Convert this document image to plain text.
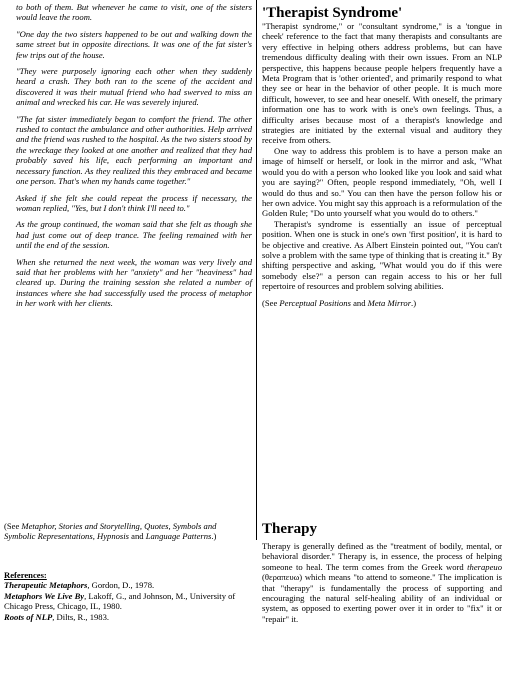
to both of them. But whenever he came to visit, one of the sisters would leave the room.

"One day the two sisters happened to be out and walking down the same street but in opposite directions. It was one of the fat sister's few trips out of the house.

"They were purposely ignoring each other when they suddenly heard a crash. They both ran to the scene of the accident and discovered it was their mutual friend who had swerved to miss an animal and wrecked his car. He was severely injured.

"The fat sister immediately began to comfort the friend. The other rushed to contact the ambulance and other authorities. Help arrived and the friend was rushed to the hospital. As the two sisters stood by the wreckage they looked at one another and realized that they had probably saved his life, each performing an important and necessary function. As they realized this they embraced and became one person. That's when my hands came together."

Asked if she felt she could repeat the process if necessary, the woman replied, "Yes, but I don't think I'll need to."

As the group continued, the woman said that she felt as though she had just come out of deep trance. The feeling remained with her until the end of the session.

When she returned the next week, the woman was very lively and said that her problems with her "anxiety" and her "heaviness" had cleared up. During the training session she related a number of instances where she had successfully used the process of metaphor in her work with her clients.

(See Metaphor, Stories and Storytelling, Quotes, Symbols and Symbolic Representations, Hypnosis and Language Patterns.)
References:
Therapeutic Metaphors, Gordon, D., 1978.
Metaphors We Live By, Lakoff, G., and Johnson, M., University of Chicago Press, Chicago, IL, 1980.
Roots of NLP, Dilts, R., 1983.
'Therapist Syndrome'

"Therapist syndrome," or "consultant syndrome," is a 'tongue in cheek' reference to the fact that many therapists and consultants are very effective in helping others address problems, but can have tremendous difficulty dealing with their own issues. From an NLP perspective, this happens because people helpers frequently have a Meta Program that is 'other oriented', and primarily respond to what they see or hear in the behavior of other people. It is much more difficult, however, to see and hear oneself. With oneself, the primary information one has to work with is one's own feelings. Thus, a difficulty arises because most of a therapist's knowledge and strategies are initiated by the external visual and auditory they receive from others.

One way to address this problem is to have a person make an image of himself or herself, or look in the mirror and ask, "What would you do with a person who looked like you look and said what you are saying?" Often, people respond immediately, "Oh, well I would do thus and so." You can then have the person follow his or her own advice. You might say this approach is a reformulation of the Golden Rule; "Do unto yourself what you would do to others."

Therapist's syndrome is essentially an issue of perceptual position. When one is stuck in one's own 'first position', it is hard to be objective and creative. As Albert Einstein pointed out, "You can't solve a problem with the same type of thinking that is creating it." By shifting perspective and asking, "What would you do if this were somebody else?" a person can regain access to his or her full repertoire of resources and problem solving abilities.

(See Perceptual Positions and Meta Mirror.)

Therapy

Therapy is generally defined as the "treatment of bodily, mental, or behavioral disorder." Therapy is, in essence, the process of helping someone to heal. The term comes from the Greek word therapeuo (θεραπευω) which means "to attend to someone." The implication is that "therapy" is fundamentally the process of supporting and encouraging the natural self-healing ability of an individual or system, as opposed to exerting power over it in order to "fix" it or "repair" it.
